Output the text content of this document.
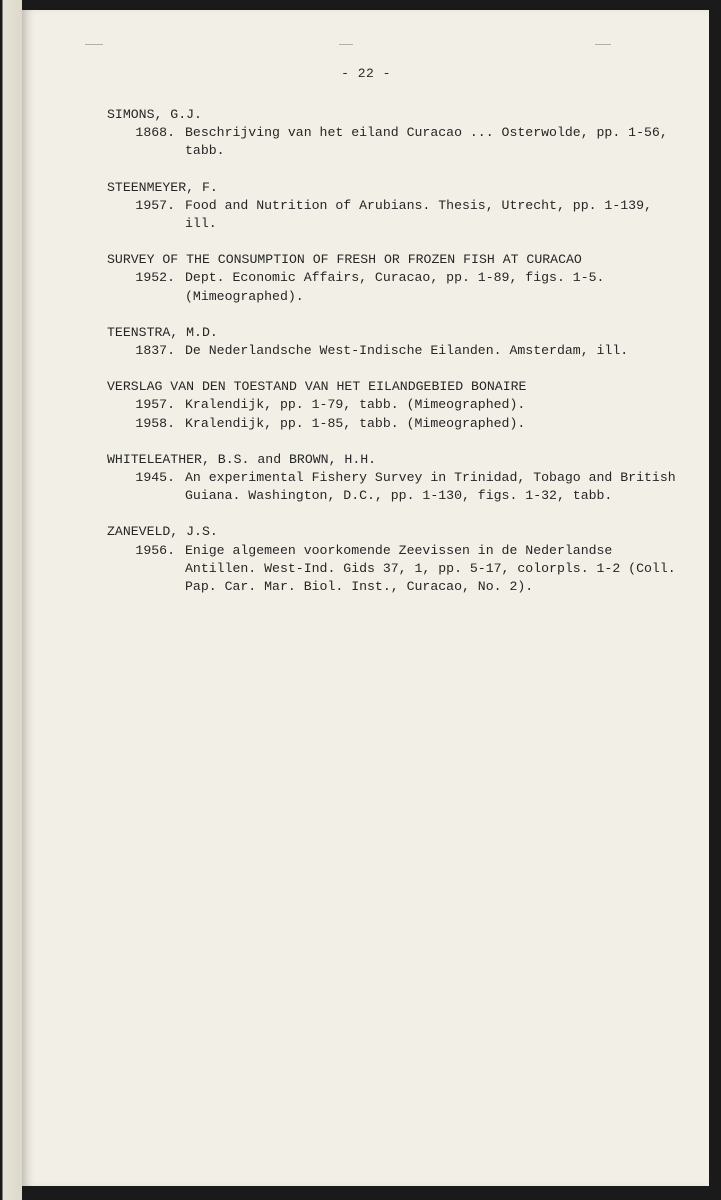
- 22 -
SIMONS, G.J.
1868. Beschrijving van het eiland Curacao ... Osterwolde, pp. 1-56, tabb.
STEENMEYER, F.
1957. Food and Nutrition of Arubians. Thesis, Utrecht, pp. 1-139, ill.
SURVEY OF THE CONSUMPTION OF FRESH OR FROZEN FISH AT CURACAO
1952. Dept. Economic Affairs, Curacao, pp. 1-89, figs. 1-5. (Mimeographed).
TEENSTRA, M.D.
1837. De Nederlandsche West-Indische Eilanden. Amsterdam, ill.
VERSLAG VAN DEN TOESTAND VAN HET EILANDGEBIED BONAIRE
1957. Kralendijk, pp. 1-79, tabb. (Mimeographed).
1958. Kralendijk, pp. 1-85, tabb. (Mimeographed).
WHITELEATHER, B.S. and BROWN, H.H.
1945. An experimental Fishery Survey in Trinidad, Tobago and British Guiana. Washington, D.C., pp. 1-130, figs. 1-32, tabb.
ZANEVELD, J.S.
1956. Enige algemeen voorkomende Zeevissen in de Nederlandse Antillen. West-Ind. Gids 37, 1, pp. 5-17, colorpls. 1-2 (Coll. Pap. Car. Mar. Biol. Inst., Curacao, No. 2).
